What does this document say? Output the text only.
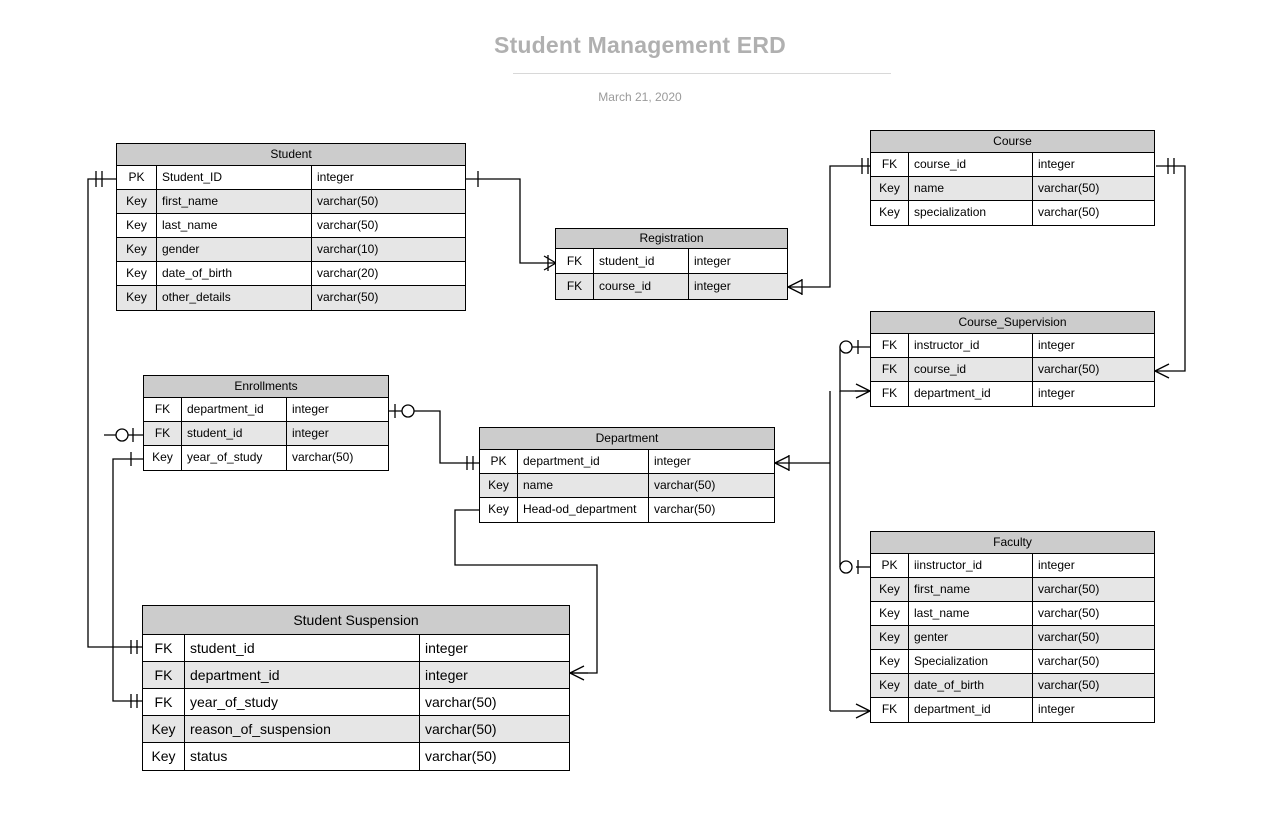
Student Management ERD
March 21, 2020
Student
PK	Student_ID	integer
Key	first_name	varchar(50)
Key	last_name	varchar(50)
Key	gender	varchar(10)
Key	date_of_birth	varchar(20)
Key	other_details	varchar(50)
Course
FK	course_id	integer
Key	name	varchar(50)
Key	specialization	varchar(50)
Registration
FK	student_id	integer
FK	course_id	integer
Course_Supervision
FK	instructor_id	integer
FK	course_id	varchar(50)
FK	department_id	integer
Enrollments
FK	department_id	integer
FK	student_id	integer
Key	year_of_study	varchar(50)
Department
PK	department_id	integer
Key	name	varchar(50)
Key	Head-od_department	varchar(50)
Faculty
PK	iinstructor_id	integer
Key	first_name	varchar(50)
Key	last_name	varchar(50)
Key	genter	varchar(50)
Key	Specialization	varchar(50)
Key	date_of_birth	varchar(50)
FK	department_id	integer
Student Suspension
FK	student_id	integer
FK	department_id	integer
FK	year_of_study	varchar(50)
Key	reason_of_suspension	varchar(50)
Key	status	varchar(50)
